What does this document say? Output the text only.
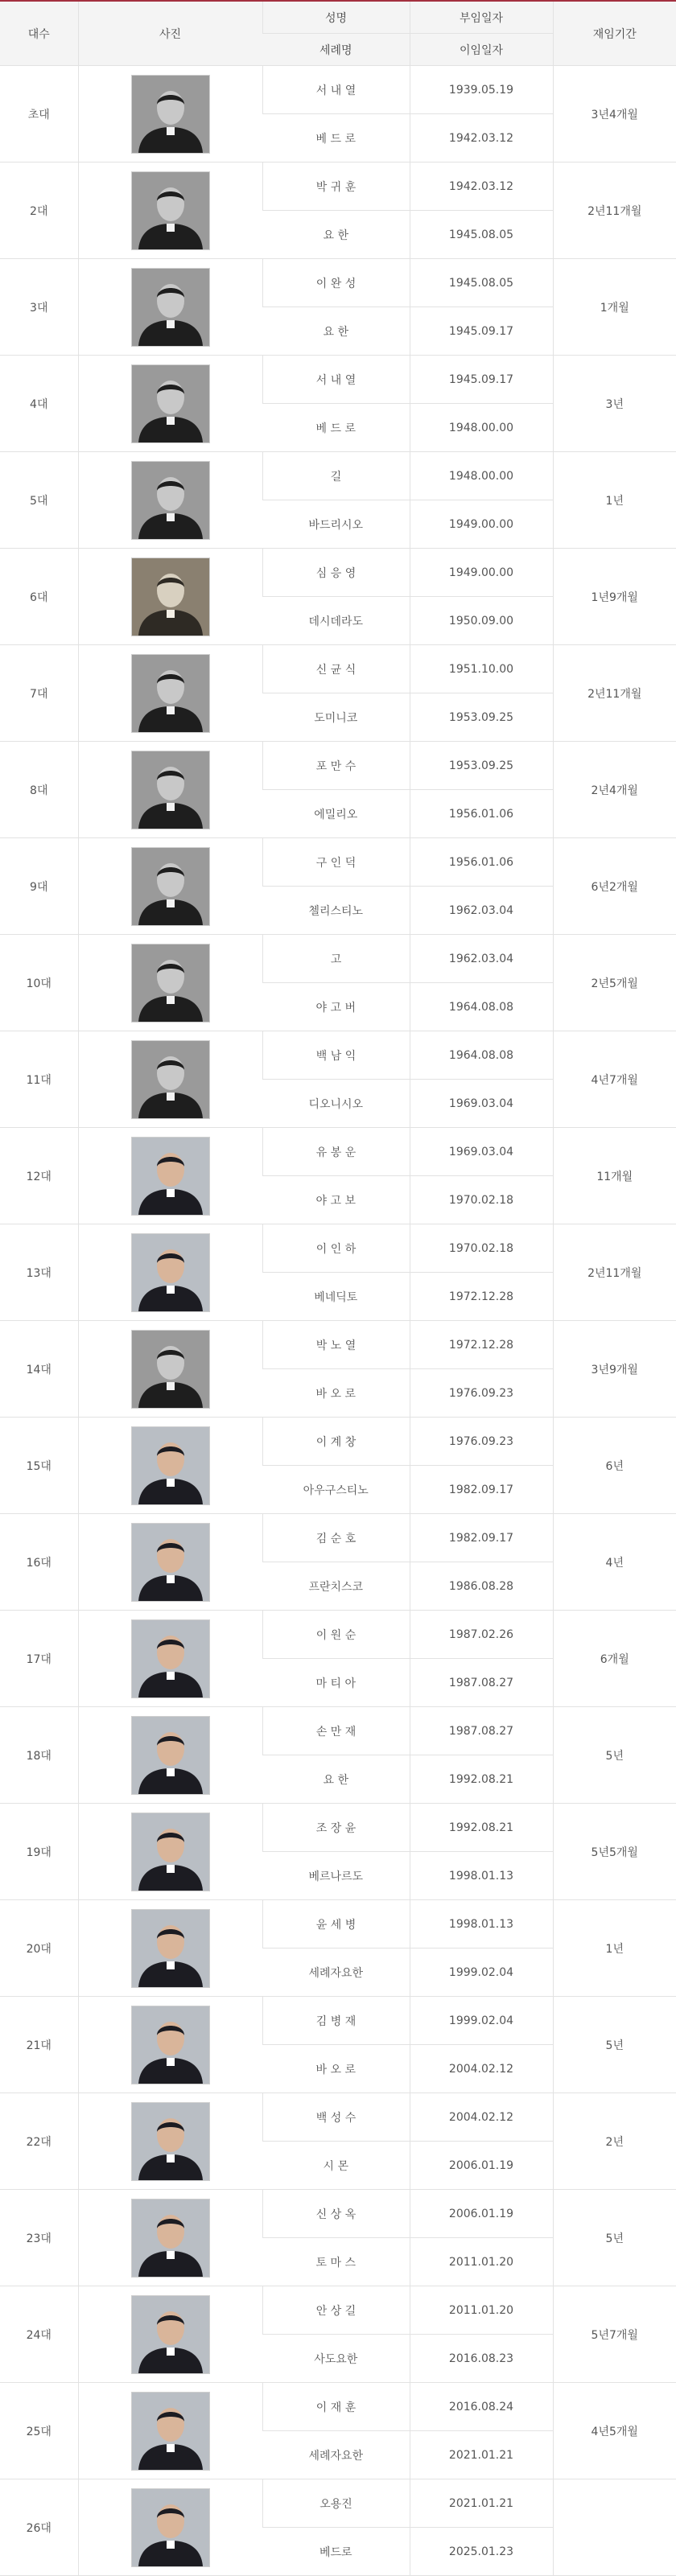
대수	사진	성명	부임일자	재임기간
		세례명	이임일자	
초대		서 내 열	1939.05.19	3년4개월
		베 드 로	1942.03.12	
2대		박 귀 훈	1942.03.12	2년11개월
		요 한	1945.08.05	
3대		이 완 성	1945.08.05	1개월
		요 한	1945.09.17	
4대		서 내 열	1945.09.17	3년
		베 드 로	1948.00.00	
5대		길	1948.00.00	1년
		바드리시오	1949.00.00	
6대		심 응 영	1949.00.00	1년9개월
		데시데라도	1950.09.00	
7대		신 균 식	1951.10.00	2년11개월
		도미니코	1953.09.25	
8대		포 만 수	1953.09.25	2년4개월
		에밀리오	1956.01.06	
9대		구 인 덕	1956.01.06	6년2개월
		첼리스티노	1962.03.04	
10대		고	1962.03.04	2년5개월
		야 고 버	1964.08.08	
11대		백 남 익	1964.08.08	4년7개월
		디오니시오	1969.03.04	
12대		유 봉 운	1969.03.04	11개월
		야 고 보	1970.02.18	
13대		이 인 하	1970.02.18	2년11개월
		베네딕토	1972.12.28	
14대		박 노 열	1972.12.28	3년9개월
		바 오 로	1976.09.23	
15대		이 계 창	1976.09.23	6년
		아우구스티노	1982.09.17	
16대		김 순 호	1982.09.17	4년
		프란치스코	1986.08.28	
17대		이 원 순	1987.02.26	6개월
		마 티 아	1987.08.27	
18대		손 만 재	1987.08.27	5년
		요 한	1992.08.21	
19대		조 장 윤	1992.08.21	5년5개월
		베르나르도	1998.01.13	
20대		윤 세 병	1998.01.13	1년
		세례자요한	1999.02.04	
21대		김 병 재	1999.02.04	5년
		바 오 로	2004.02.12	
22대		백 성 수	2004.02.12	2년
		시 몬	2006.01.19	
23대		신 상 옥	2006.01.19	5년
		토 마 스	2011.01.20	
24대		안 상 길	2011.01.20	5년7개월
		사도요한	2016.08.23	
25대		이 재 훈	2016.08.24	4년5개월
		세례자요한	2021.01.21	
26대		오용진	2021.01.21	
		베드로	2025.01.23	
